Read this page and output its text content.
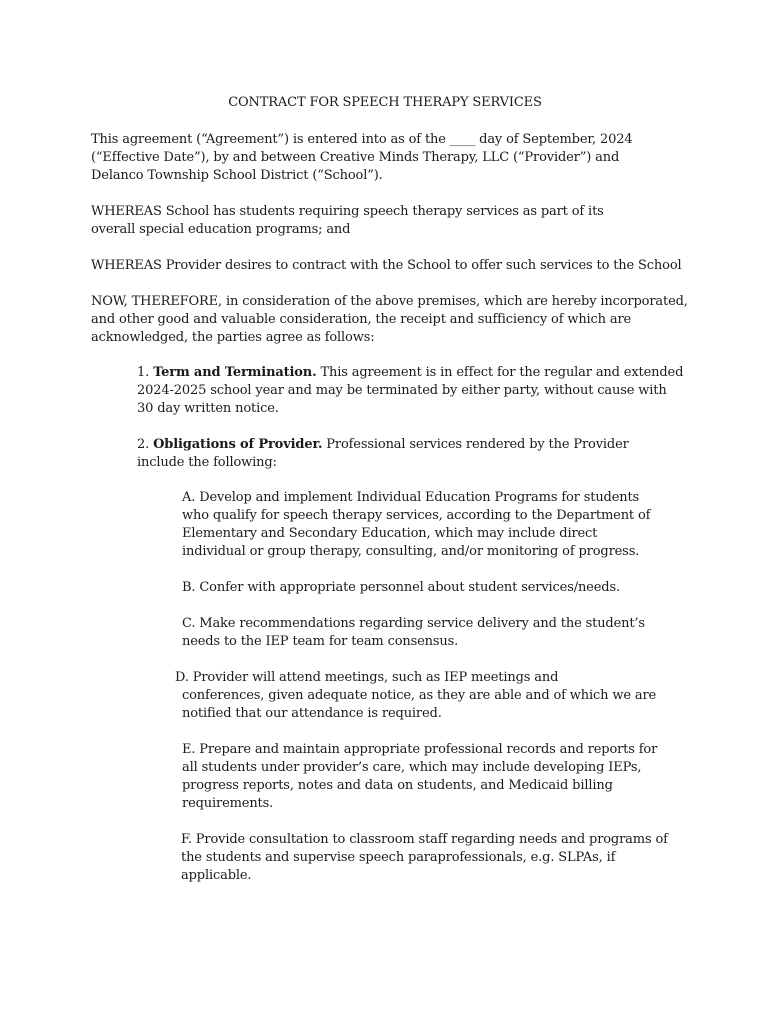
CONTRACT FOR SPEECH THERAPY SERVICES
This agreement (“Agreement”) is entered into as of the ____ day of September, 2024
(“Effective Date”), by and between Creative Minds Therapy, LLC (“Provider”) and
Delanco Township School District (“School”).
WHEREAS School has students requiring speech therapy services as part of its
overall special education programs; and
WHEREAS Provider desires to contract with the School to offer such services to the School
NOW, THEREFORE, in consideration of the above premises, which are hereby incorporated,
and other good and valuable consideration, the receipt and sufficiency of which are
acknowledged, the parties agree as follows:
1. Term and Termination. This agreement is in effect for the regular and extended
2024-2025 school year and may be terminated by either party, without cause with
30 day written notice.
2. Obligations of Provider. Professional services rendered by the Provider
include the following:
A. Develop and implement Individual Education Programs for students
who qualify for speech therapy services, according to the Department of
Elementary and Secondary Education, which may include direct
individual or group therapy, consulting, and/or monitoring of progress.
B. Confer with appropriate personnel about student services/needs.
C. Make recommendations regarding service delivery and the student’s
needs to the IEP team for team consensus.
D. Provider will attend meetings, such as IEP meetings and
conferences, given adequate notice, as they are able and of which we are
notified that our attendance is required.
E. Prepare and maintain appropriate professional records and reports for
all students under provider’s care, which may include developing IEPs,
progress reports, notes and data on students, and Medicaid billing
requirements.
F. Provide consultation to classroom staff regarding needs and programs of
the students and supervise speech paraprofessionals, e.g. SLPAs, if
applicable.
